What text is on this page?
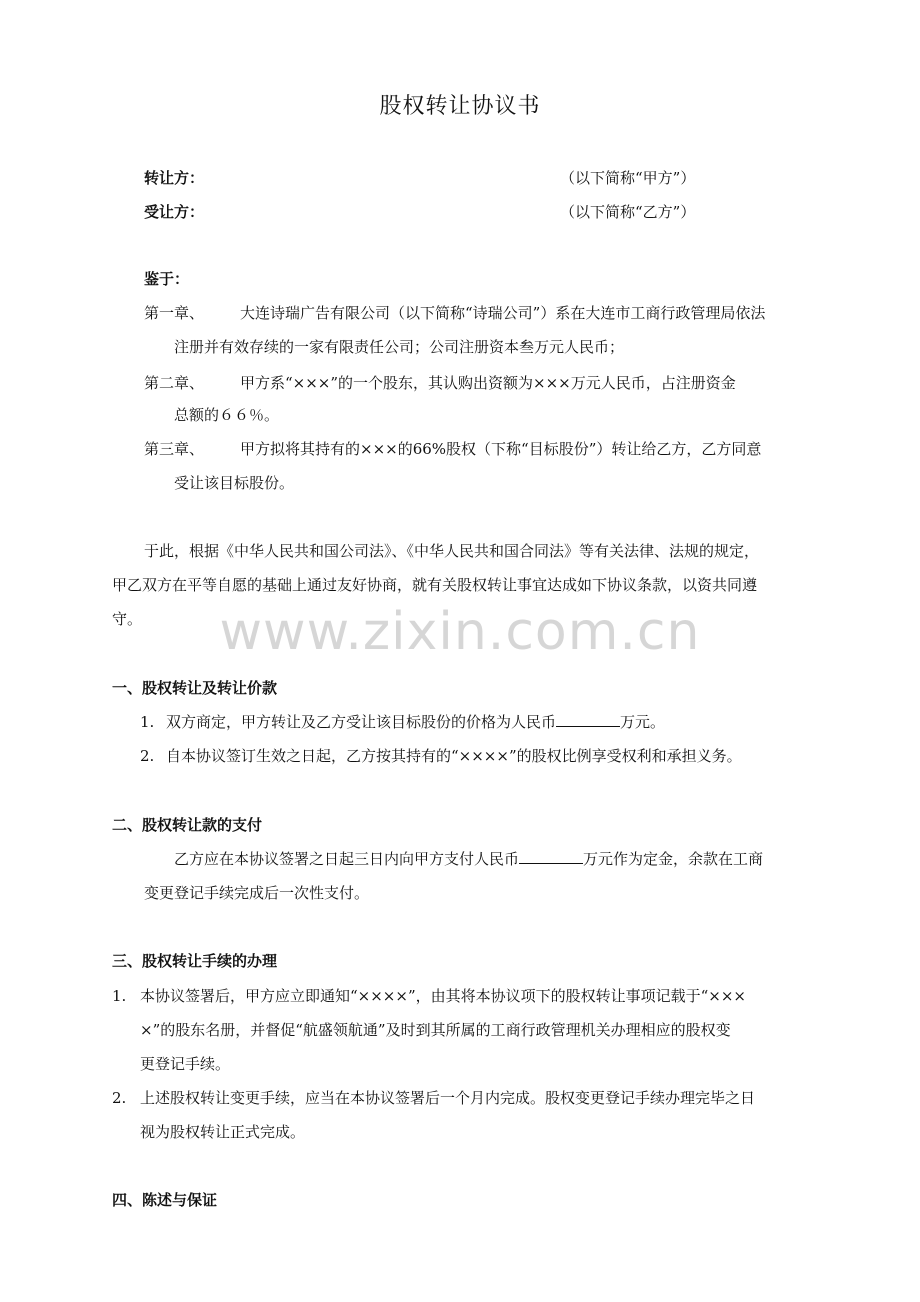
www.zixin.com.cn
股权转让协议书
转让方：	（以下简称“甲方”）
受让方：	（以下简称“乙方”）
鉴于：
第一章、 大连诗瑞广告有限公司（以下简称“诗瑞公司”）系在大连市工商行政管理局依法
注册并有效存续的一家有限责任公司；公司注册资本叁万元人民币；
第二章、 甲方系“×××”的一个股东，其认购出资额为×××万元人民币，占注册资金
总额的６６％。
第三章、 甲方拟将其持有的×××的66%股权（下称“目标股份”）转让给乙方，乙方同意
受让该目标股份。
于此，根据《中华人民共和国公司法》、《中华人民共和国合同法》等有关法律、法规的规定，
甲乙双方在平等自愿的基础上通过友好协商，就有关股权转让事宜达成如下协议条款，以资共同遵
守。
一、股权转让及转让价款
1. 双方商定，甲方转让及乙方受让该目标股份的价格为人民币	万元。
2. 自本协议签订生效之日起，乙方按其持有的“××××”的股权比例享受权利和承担义务。
二、股权转让款的支付
乙方应在本协议签署之日起三日内向甲方支付人民币	万元作为定金，余款在工商
变更登记手续完成后一次性支付。
三、股权转让手续的办理
1. 本协议签署后，甲方应立即通知“××××”，由其将本协议项下的股权转让事项记载于“×××
×”的股东名册，并督促“航盛领航通”及时到其所属的工商行政管理机关办理相应的股权变
更登记手续。
2. 上述股权转让变更手续，应当在本协议签署后一个月内完成。股权变更登记手续办理完毕之日
视为股权转让正式完成。
四、陈述与保证
